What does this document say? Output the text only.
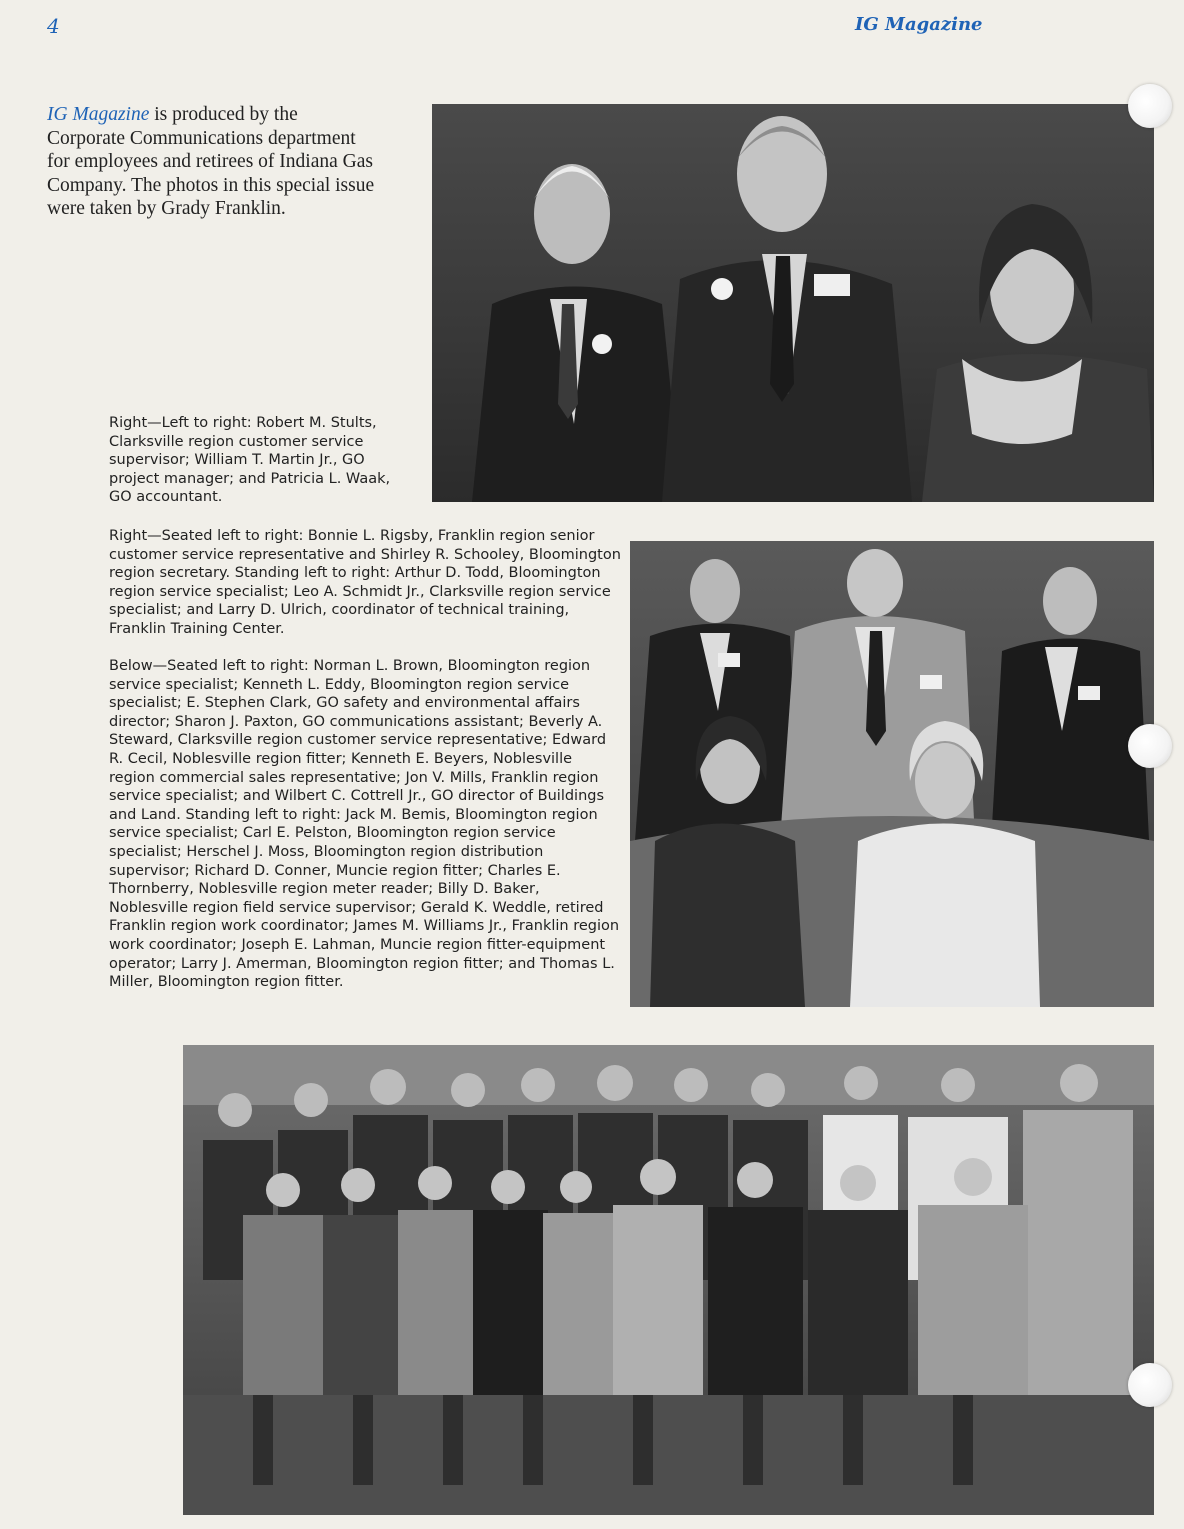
4	IG Magazine
IG Magazine is produced by the Corporate Communications department for employees and retirees of Indiana Gas Company. The photos in this special issue were taken by Grady Franklin.
Right—Left to right: Robert M. Stults, Clarksville region customer service supervisor; William T. Martin Jr., GO project manager; and Patricia L. Waak, GO accountant.
Right—Seated left to right: Bonnie L. Rigsby, Franklin region senior customer service representative and Shirley R. Schooley, Bloomington region secretary. Standing left to right: Arthur D. Todd, Bloomington region service specialist; Leo A. Schmidt Jr., Clarksville region service specialist; and Larry D. Ulrich, coordinator of technical training, Franklin Training Center.
Below—Seated left to right: Norman L. Brown, Bloomington region service specialist; Kenneth L. Eddy, Bloomington region service specialist; E. Stephen Clark, GO safety and environmental affairs director; Sharon J. Paxton, GO communications assistant; Beverly A. Steward, Clarksville region customer service representative; Edward R. Cecil, Noblesville region fitter; Kenneth E. Beyers, Noblesville region commercial sales representative; Jon V. Mills, Franklin region service specialist; and Wilbert C. Cottrell Jr., GO director of Buildings and Land. Standing left to right: Jack M. Bemis, Bloomington region service specialist; Carl E. Pelston, Bloomington region service specialist; Herschel J. Moss, Bloomington region distribution supervisor; Richard D. Conner, Muncie region fitter; Charles E. Thornberry, Noblesville region meter reader; Billy D. Baker, Noblesville region field service supervisor; Gerald K. Weddle, retired Franklin region work coordinator; James M. Williams Jr., Franklin region work coordinator; Joseph E. Lahman, Muncie region fitter-equipment operator; Larry J. Amerman, Bloomington region fitter; and Thomas L. Miller, Bloomington region fitter.
